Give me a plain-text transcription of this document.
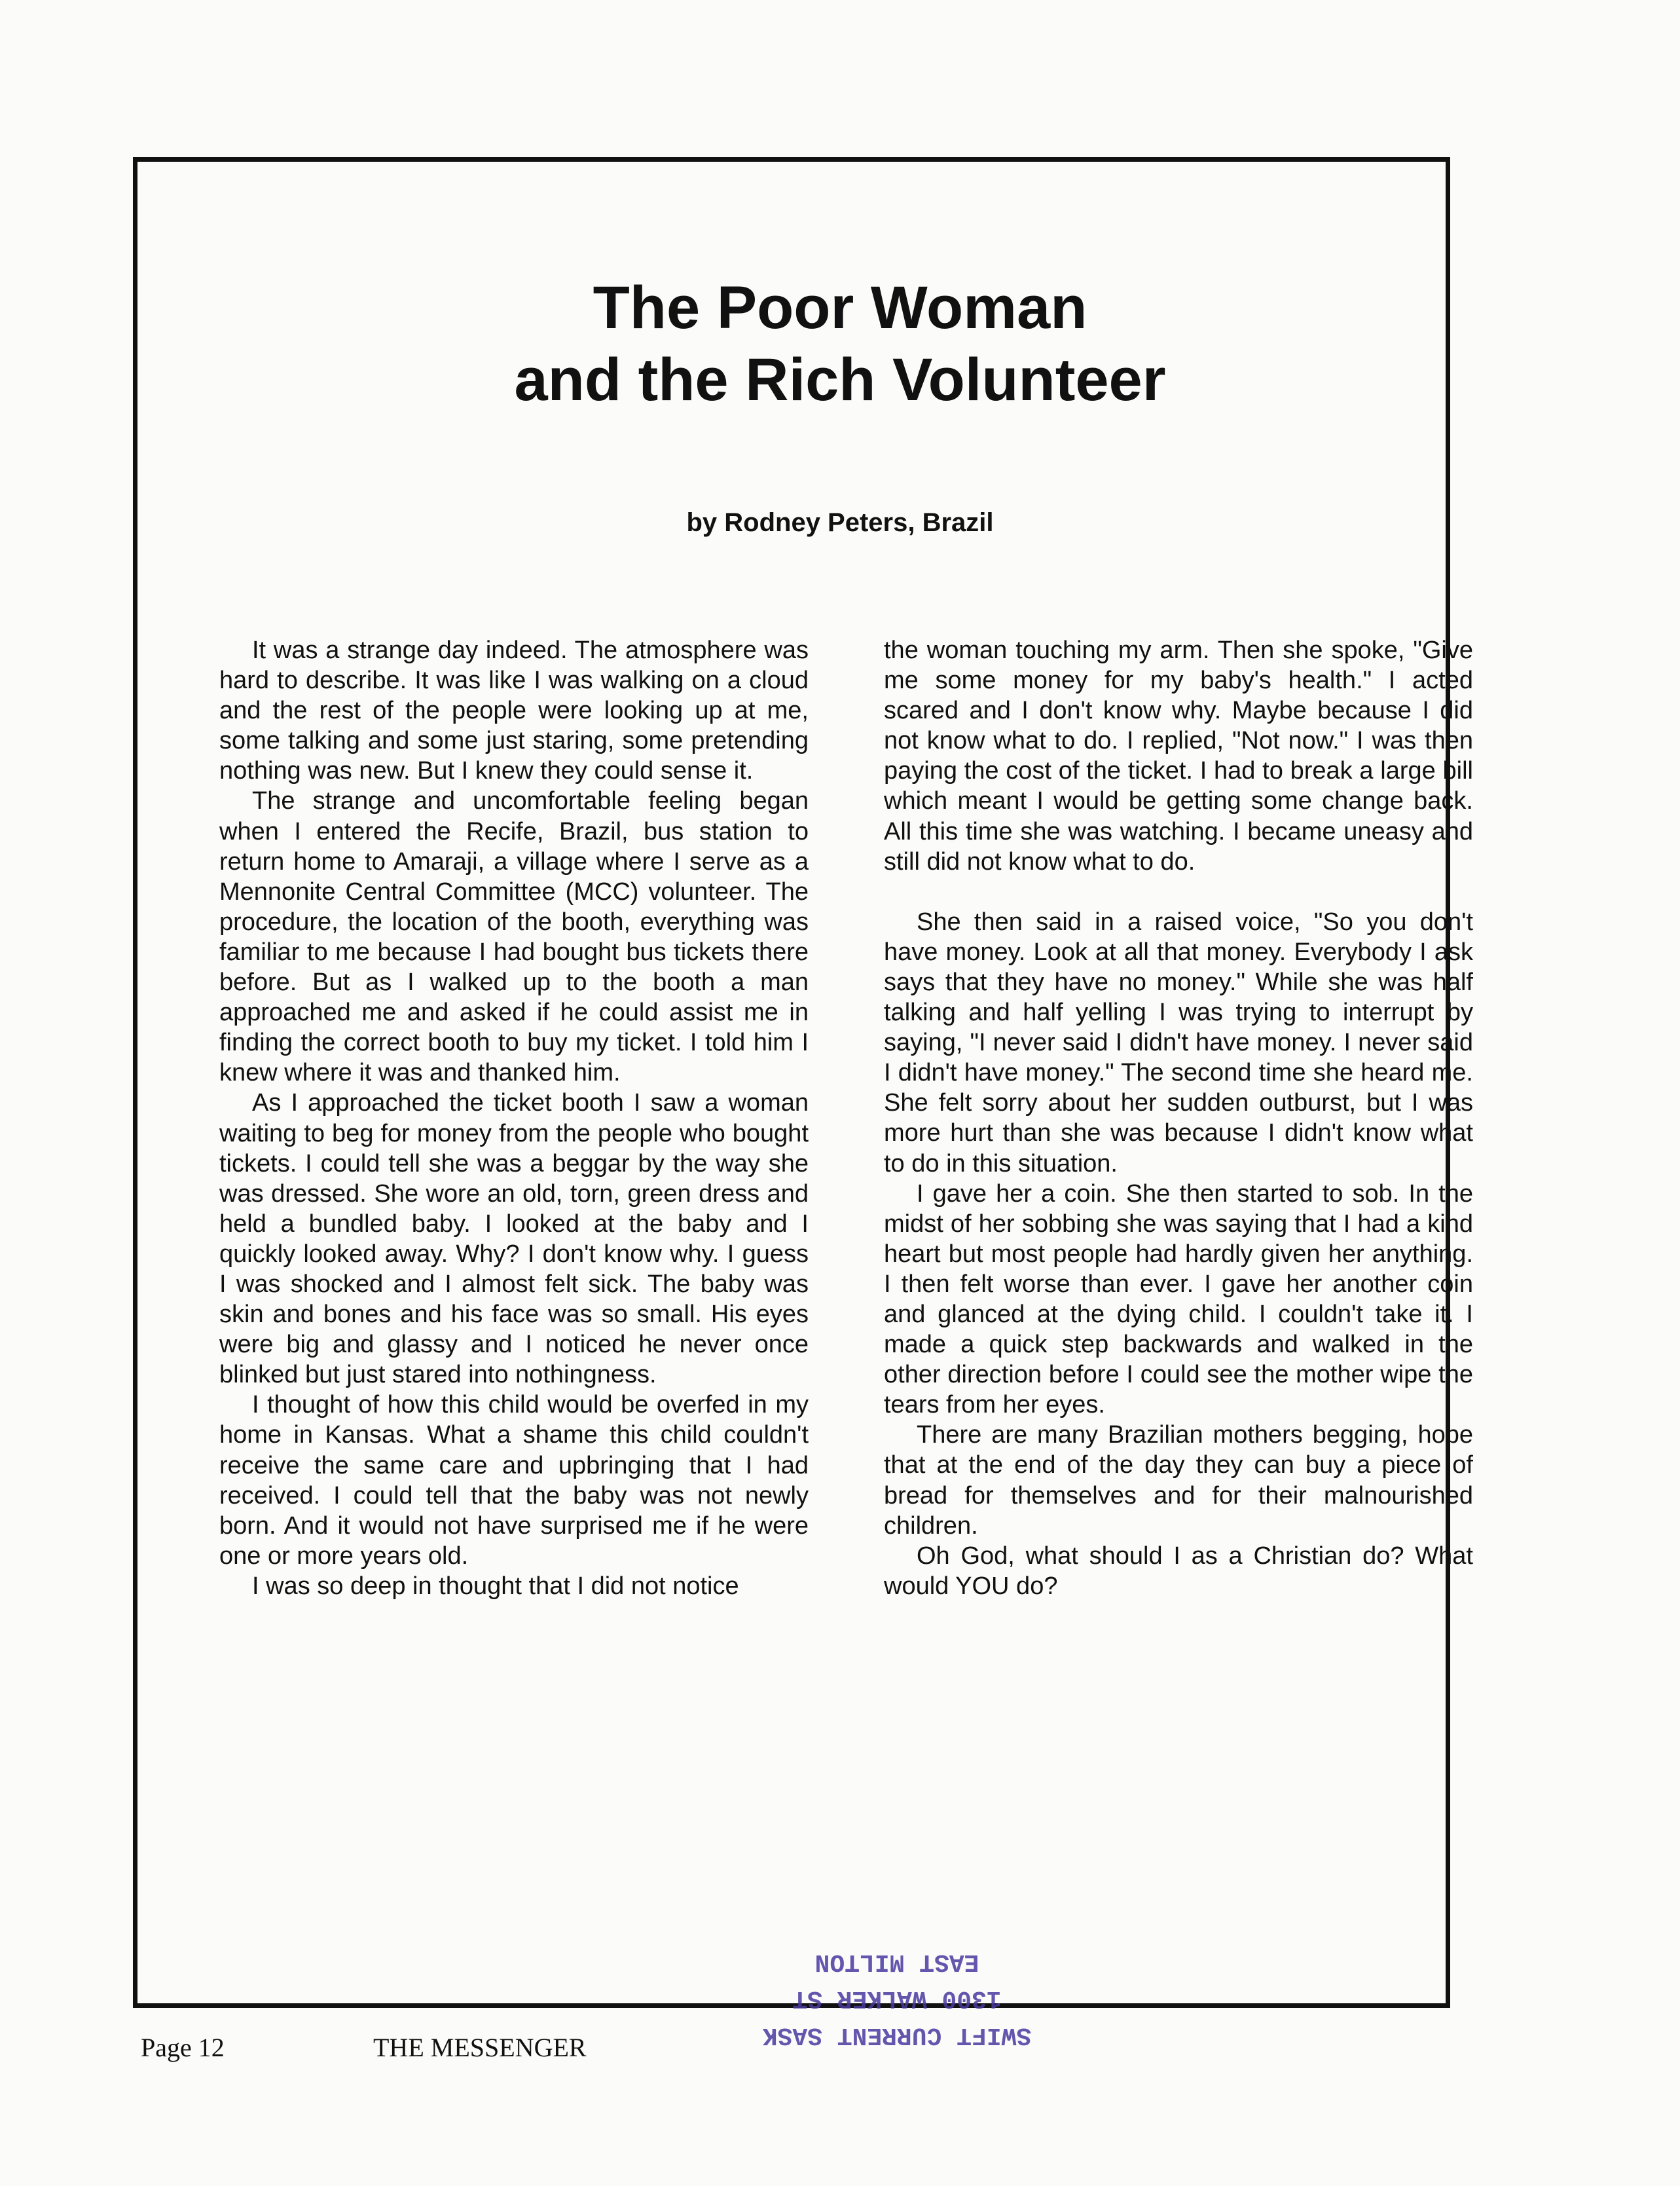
The Poor Woman
and the Rich Volunteer

by Rodney Peters, Brazil

It was a strange day indeed. The atmosphere was hard to describe. It was like I was walking on a cloud and the rest of the people were looking up at me, some talking and some just staring, some pretending nothing was new. But I knew they could sense it.

The strange and uncomfortable feeling began when I entered the Recife, Brazil, bus station to return home to Amaraji, a village where I serve as a Mennonite Central Committee (MCC) volunteer. The procedure, the location of the booth, everything was familiar to me because I had bought bus tickets there before. But as I walked up to the booth a man approached me and asked if he could assist me in finding the correct booth to buy my ticket. I told him I knew where it was and thanked him.

As I approached the ticket booth I saw a woman waiting to beg for money from the people who bought tickets. I could tell she was a beggar by the way she was dressed. She wore an old, torn, green dress and held a bundled baby. I looked at the baby and I quickly looked away. Why? I don't know why. I guess I was shocked and I almost felt sick. The baby was skin and bones and his face was so small. His eyes were big and glassy and I noticed he never once blinked but just stared into nothingness.

I thought of how this child would be overfed in my home in Kansas. What a shame this child couldn't receive the same care and upbringing that I had received. I could tell that the baby was not newly born. And it would not have surprised me if he were one or more years old.

I was so deep in thought that I did not notice

the woman touching my arm. Then she spoke, "Give me some money for my baby's health." I acted scared and I don't know why. Maybe because I did not know what to do. I replied, "Not now." I was then paying the cost of the ticket. I had to break a large bill which meant I would be getting some change back. All this time she was watching. I became uneasy and still did not know what to do.

She then said in a raised voice, "So you don't have money. Look at all that money. Everybody I ask says that they have no money." While she was half talking and half yelling I was trying to interrupt by saying, "I never said I didn't have money. I never said I didn't have money." The second time she heard me. She felt sorry about her sudden outburst, but I was more hurt than she was because I didn't know what to do in this situation.

I gave her a coin. She then started to sob. In the midst of her sobbing she was saying that I had a kind heart but most people had hardly given her anything. I then felt worse than ever. I gave her another coin and glanced at the dying child. I couldn't take it. I made a quick step backwards and walked in the other direction before I could see the mother wipe the tears from her eyes.

There are many Brazilian mothers begging, hope that at the end of the day they can buy a piece of bread for themselves and for their malnourished children.

Oh God, what should I as a Christian do? What would YOU do?

SWIFT CURRENT SASK
1300 WALKER ST
EAST MILTON
Page 12	THE MESSENGER
